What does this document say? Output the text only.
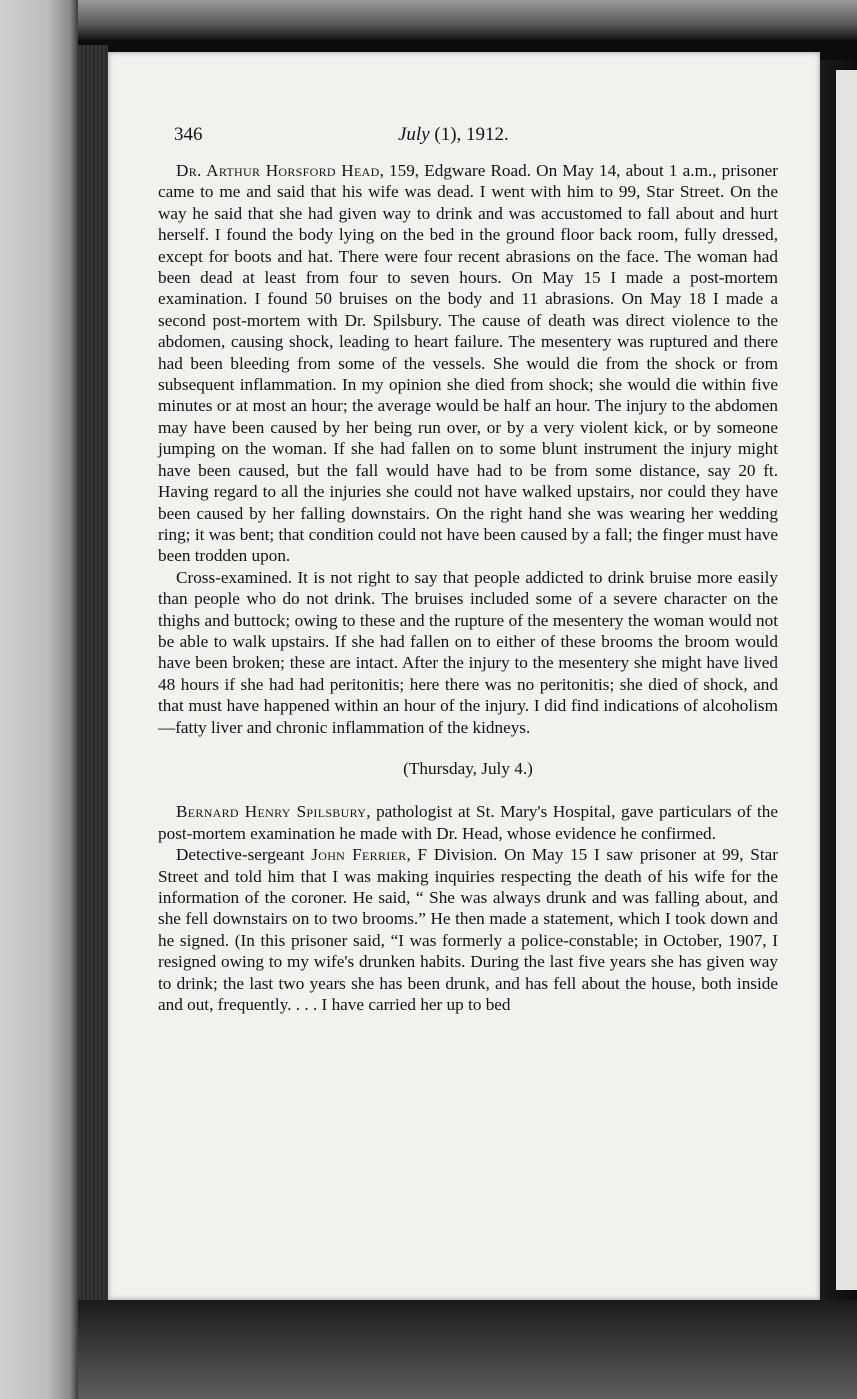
346	July (1), 1912.

Dr. Arthur Horsford Head, 159, Edgware Road. On May 14, about 1 a.m., prisoner came to me and said that his wife was dead. I went with him to 99, Star Street. On the way he said that she had given way to drink and was accustomed to fall about and hurt herself. I found the body lying on the bed in the ground floor back room, fully dressed, except for boots and hat. There were four recent abrasions on the face. The woman had been dead at least from four to seven hours. On May 15 I made a post-mortem examination. I found 50 bruises on the body and 11 abrasions. On May 18 I made a second post-mortem with Dr. Spilsbury. The cause of death was direct violence to the abdomen, causing shock, leading to heart failure. The mesentery was ruptured and there had been bleeding from some of the vessels. She would die from the shock or from subsequent inflammation. In my opinion she died from shock; she would die within five minutes or at most an hour; the average would be half an hour. The injury to the abdomen may have been caused by her being run over, or by a very violent kick, or by someone jumping on the woman. If she had fallen on to some blunt instrument the injury might have been caused, but the fall would have had to be from some distance, say 20 ft. Having regard to all the injuries she could not have walked upstairs, nor could they have been caused by her falling downstairs. On the right hand she was wearing her wedding ring; it was bent; that condition could not have been caused by a fall; the finger must have been trodden upon.

Cross-examined. It is not right to say that people addicted to drink bruise more easily than people who do not drink. The bruises included some of a severe character on the thighs and buttock; owing to these and the rupture of the mesentery the woman would not be able to walk upstairs. If she had fallen on to either of these brooms the broom would have been broken; these are intact. After the injury to the mesentery she might have lived 48 hours if she had had peritonitis; here there was no peritonitis; she died of shock, and that must have happened within an hour of the injury. I did find indications of alcoholism—fatty liver and chronic inflammation of the kidneys.

(Thursday, July 4.)

Bernard Henry Spilsbury, pathologist at St. Mary's Hospital, gave particulars of the post-mortem examination he made with Dr. Head, whose evidence he confirmed.

Detective-sergeant John Ferrier, F Division. On May 15 I saw prisoner at 99, Star Street and told him that I was making inquiries respecting the death of his wife for the information of the coroner. He said, “ She was always drunk and was falling about, and she fell downstairs on to two brooms.” He then made a statement, which I took down and he signed. (In this prisoner said, “I was formerly a police-constable; in October, 1907, I resigned owing to my wife's drunken habits. During the last five years she has given way to drink; the last two years she has been drunk, and has fell about the house, both inside and out, frequently. . . . I have carried her up to bed
